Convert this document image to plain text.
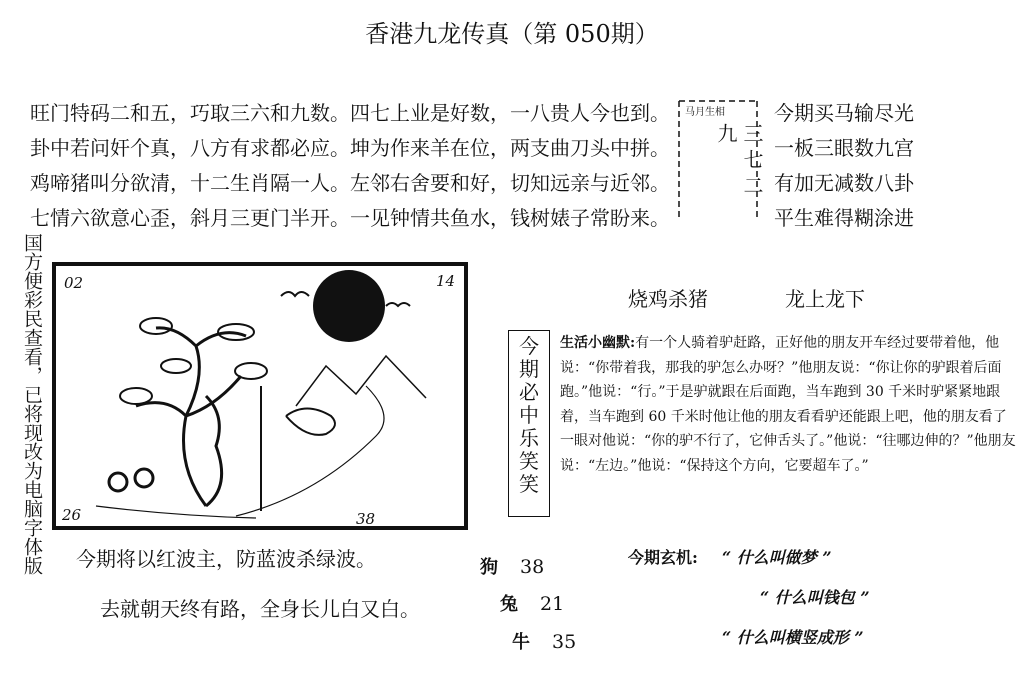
香港九龙传真（第 050期）
旺门特码二和五，巧取三六和九数。四七上业是好数，一八贵人今也到。
卦中若问奸个真，八方有求都必应。坤为作来羊在位，两支曲刀头中拼。
鸡啼猪叫分欲清，十二生肖隔一人。左邻右舍要和好，切知远亲与近邻。
七情六欲意心歪，斜月三更门半开。一见钟情共鱼水，钱树婊子常盼来。
马月生相
三七二九
今期买马输尽光
一板三眼数九宫
有加无减数八卦
平生难得糊涂进
国方便彩民查看，已将现改为电脑字体版 02	14
26	38
烧鸡杀猪	龙上龙下
今期必中 乐笑笑
生活小幽默:有一个人骑着驴赶路，正好他的朋友开车经过要带着他，他说：“你带着我，那我的驴怎么办呀？”他朋友说：“你让你的驴跟着后面跑。”他说：“行。”于是驴就跟在后面跑，当车跑到 30 千米时驴紧紧地跟着，当车跑到 60 千米时他让他的朋友看看驴还能跟上吧，他的朋友看了一眼对他说：“你的驴不行了，它伸舌头了。”他说：“往哪边伸的？”他朋友说：“左边。”他说：“保持这个方向，它要超车了。”
今期将以红波主，防蓝波杀绿波。
去就朝天终有路，全身长儿白又白。
狗 38
兔 21
牛 35
今期玄机: “ 什么叫做梦 ”
“ 什么叫钱包 ”
“ 什么叫横竖成形 ”
